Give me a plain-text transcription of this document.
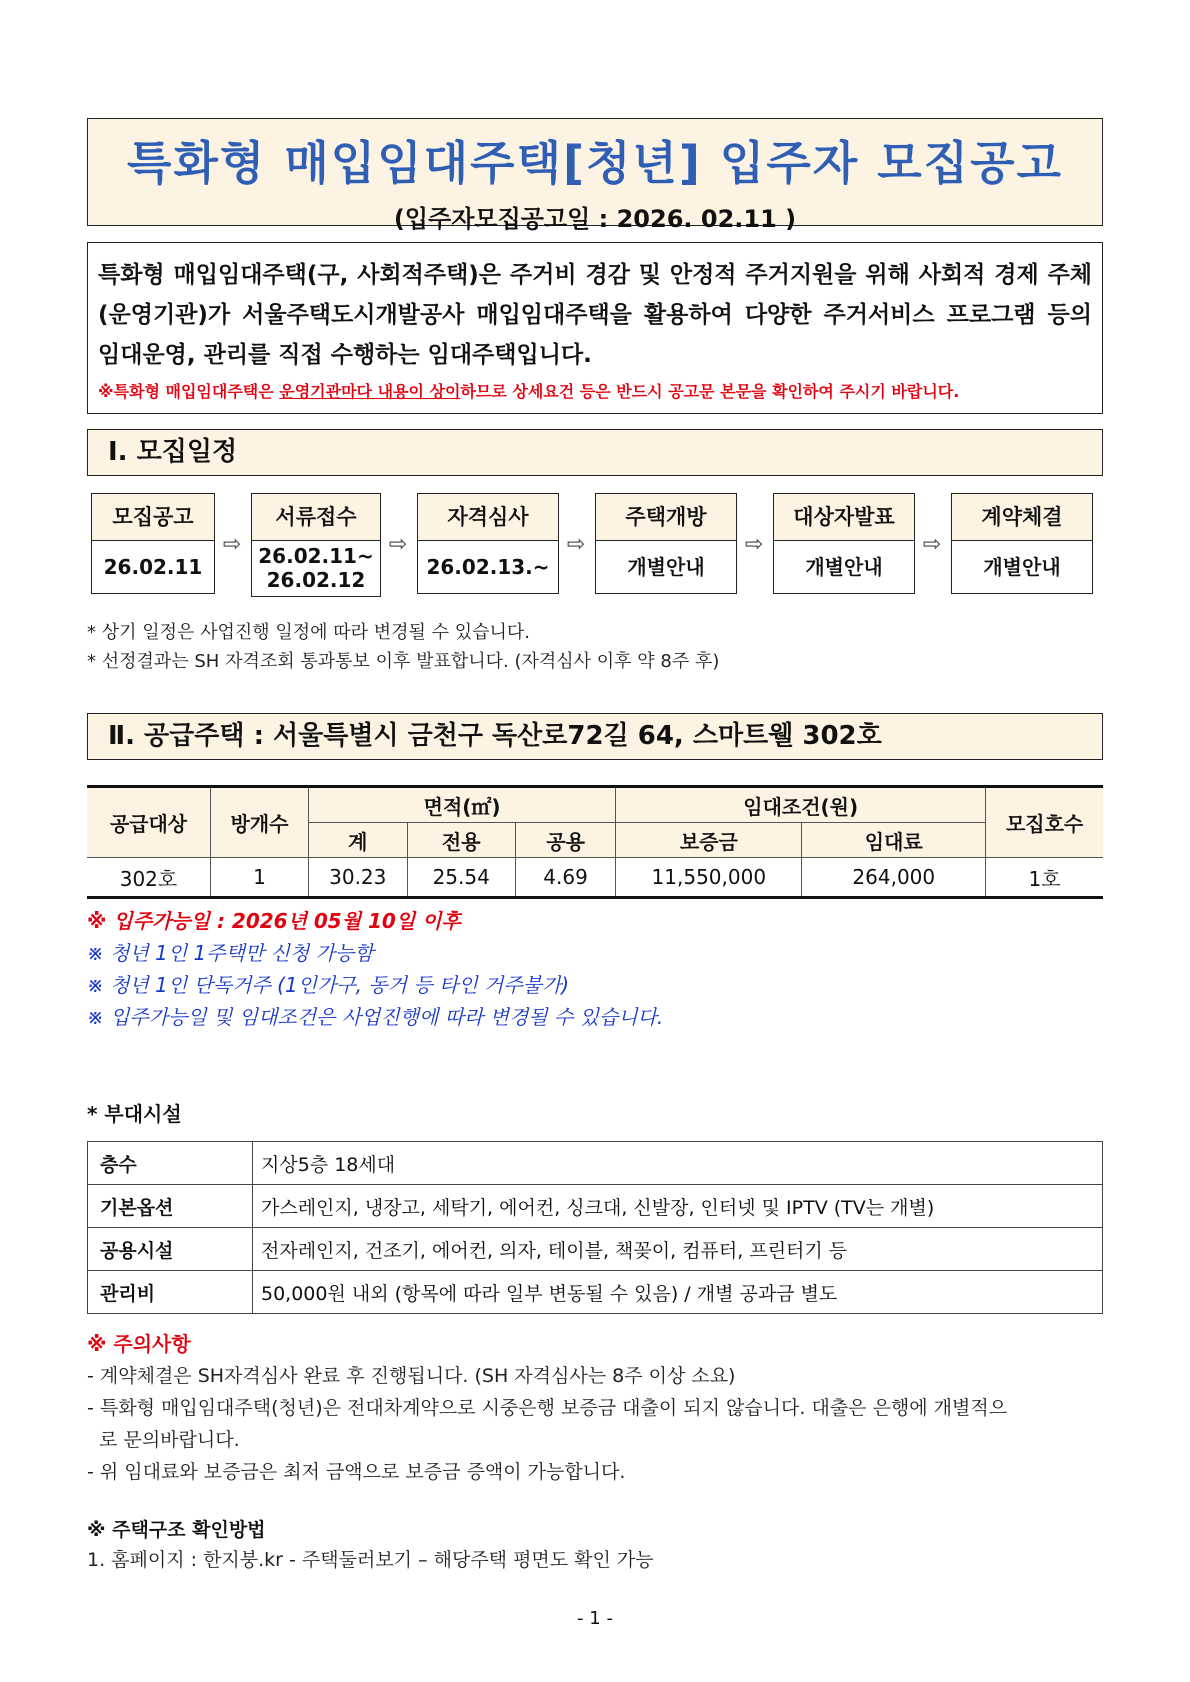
특화형 매입임대주택[청년] 입주자 모집공고
(입주자모집공고일 : 2026. 02.11 )
특화형 매입임대주택(구, 사회적주택)은 주거비 경감 및 안정적 주거지원을 위해 사회적 경제 주체(운영기관)가 서울주택도시개발공사 매입임대주택을 활용하여 다양한 주거서비스 프로그램 등의 임대운영, 관리를 직접 수행하는 임대주택입니다.
※특화형 매입임대주택은 운영기관마다 내용이 상이하므로 상세요건 등은 반드시 공고문 본문을 확인하여 주시기 바랍니다.
Ⅰ. 모집일정
모집공고
26.02.11
⇨
서류접수
26.02.11~
26.02.12
⇨
자격심사
26.02.13.~
⇨
주택개방
개별안내
⇨
대상자발표
개별안내
⇨
계약체결
개별안내
* 상기 일정은 사업진행 일정에 따라 변경될 수 있습니다.
* 선정결과는 SH 자격조회 통과통보 이후 발표합니다. (자격심사 이후 약 8주 후)
Ⅱ. 공급주택 : 서울특별시 금천구 독산로72길 64, 스마트웰 302호
공급대상	방개수	면적(㎡)			임대조건(원)		모집호수
		계	전용	공용	보증금	임대료	
302호	1	30.23	25.54	4.69	11,550,000	264,000	1호
※ 입주가능일 : 2026년 05월 10일 이후
※ 청년 1인 1주택만 신청 가능함
※ 청년 1인 단독거주 (1인가구, 동거 등 타인 거주불가)
※ 입주가능일 및 임대조건은 사업진행에 따라 변경될 수 있습니다.
* 부대시설
층수	지상5층 18세대
기본옵션	가스레인지, 냉장고, 세탁기, 에어컨, 싱크대, 신발장, 인터넷 및 IPTV (TV는 개별)
공용시설	전자레인지, 건조기, 에어컨, 의자, 테이블, 책꽂이, 컴퓨터, 프린터기 등
관리비	50,000원 내외 (항목에 따라 일부 변동될 수 있음) / 개별 공과금 별도
※ 주의사항
- 계약체결은 SH자격심사 완료 후 진행됩니다. (SH 자격심사는 8주 이상 소요)
- 특화형 매입임대주택(청년)은 전대차계약으로 시중은행 보증금 대출이 되지 않습니다. 대출은 은행에 개별적으
로 문의바랍니다.
- 위 임대료와 보증금은 최저 금액으로 보증금 증액이 가능합니다.
※ 주택구조 확인방법
1. 홈페이지 : 한지붕.kr - 주택둘러보기 – 해당주택 평면도 확인 가능
- 1 -
